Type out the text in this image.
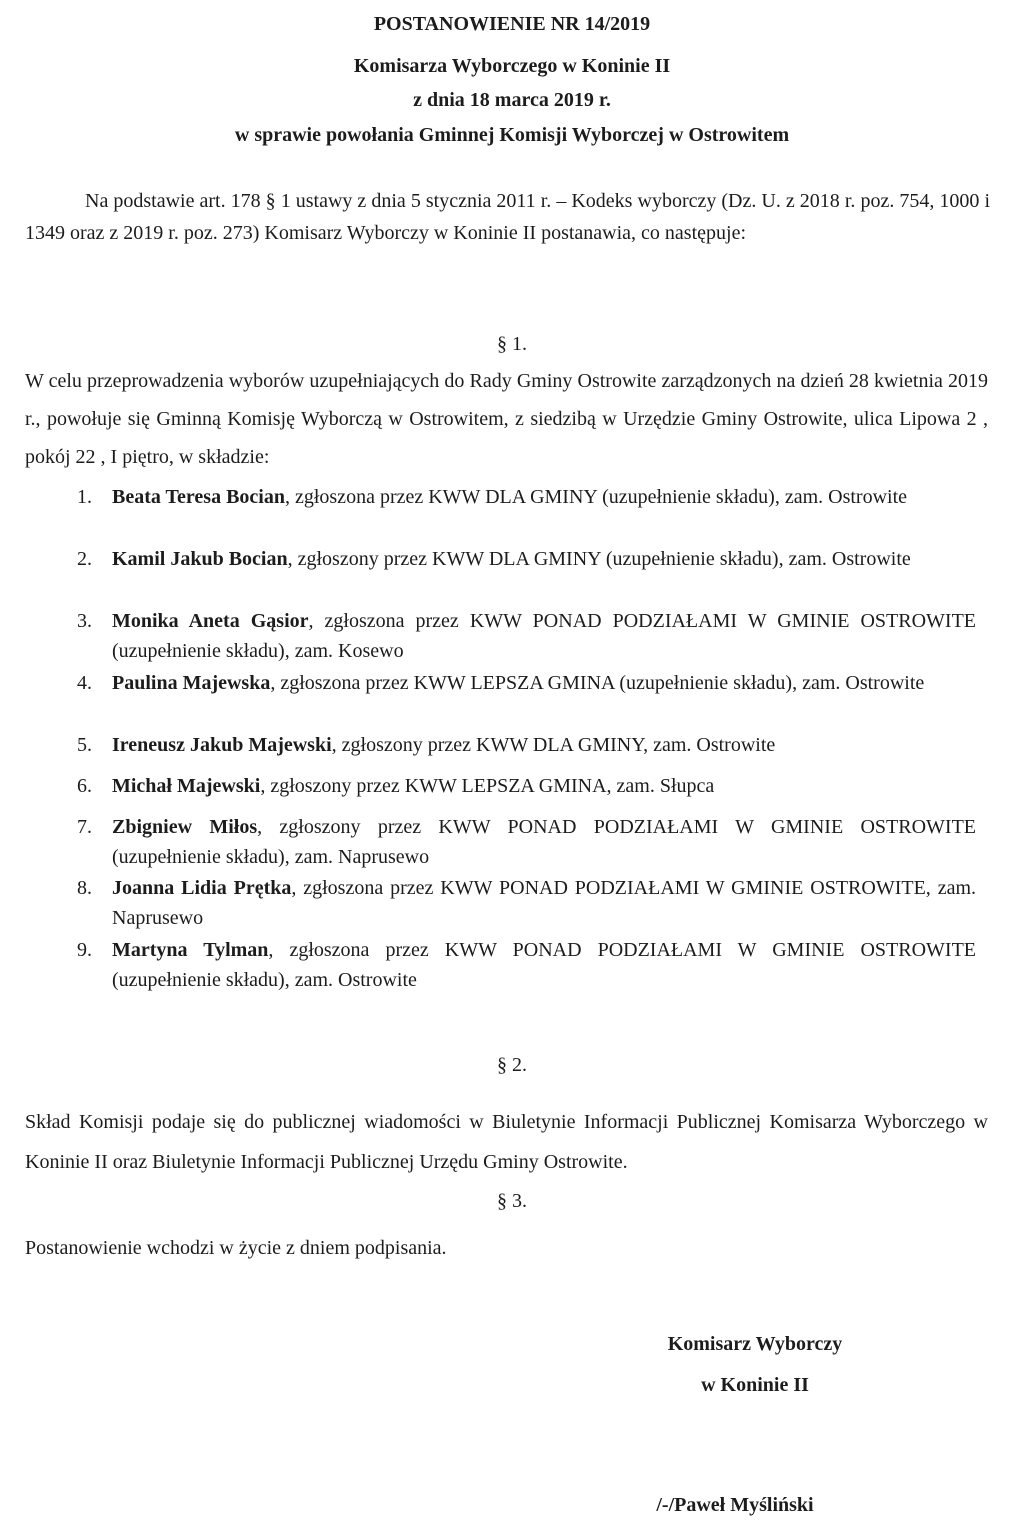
POSTANOWIENIE NR 14/2019
Komisarza Wyborczego w Koninie II
z dnia 18 marca 2019 r.
w sprawie powołania Gminnej Komisji Wyborczej w Ostrowitem

Na podstawie art. 178 § 1 ustawy z dnia 5 stycznia 2011 r. – Kodeks wyborczy (Dz. U. z 2018 r. poz. 754, 1000 i 1349 oraz z 2019 r. poz. 273) Komisarz Wyborczy w Koninie II postanawia, co następuje:

§ 1.

W celu przeprowadzenia wyborów uzupełniających do Rady Gminy Ostrowite zarządzonych na dzień 28 kwietnia 2019 r., powołuje się Gminną Komisję Wyborczą w Ostrowitem, z siedzibą w Urzędzie Gminy Ostrowite, ulica Lipowa 2 , pokój 22 , I piętro, w składzie:

1. Beata Teresa Bocian, zgłoszona przez KWW DLA GMINY (uzupełnienie składu), zam. Ostrowite
2. Kamil Jakub Bocian, zgłoszony przez KWW DLA GMINY (uzupełnienie składu), zam. Ostrowite
3. Monika Aneta Gąsior, zgłoszona przez KWW PONAD PODZIAŁAMI W GMINIE OSTROWITE (uzupełnienie składu), zam. Kosewo
4. Paulina Majewska, zgłoszona przez KWW LEPSZA GMINA (uzupełnienie składu), zam. Ostrowite
5. Ireneusz Jakub Majewski, zgłoszony przez KWW DLA GMINY, zam. Ostrowite
6. Michał Majewski, zgłoszony przez KWW LEPSZA GMINA, zam. Słupca
7. Zbigniew Miłos, zgłoszony przez KWW PONAD PODZIAŁAMI W GMINIE OSTROWITE (uzupełnienie składu), zam. Naprusewo
8. Joanna Lidia Prętka, zgłoszona przez KWW PONAD PODZIAŁAMI W GMINIE OSTROWITE, zam. Naprusewo
9. Martyna Tylman, zgłoszona przez KWW PONAD PODZIAŁAMI W GMINIE OSTROWITE (uzupełnienie składu), zam. Ostrowite
§ 2.

Skład Komisji podaje się do publicznej wiadomości w Biuletynie Informacji Publicznej Komisarza Wyborczego w Koninie II oraz Biuletynie Informacji Publicznej Urzędu Gminy Ostrowite.

§ 3.

Postanowienie wchodzi w życie z dniem podpisania.

Komisarz Wyborczy
w Koninie II
/-/Paweł Myśliński
